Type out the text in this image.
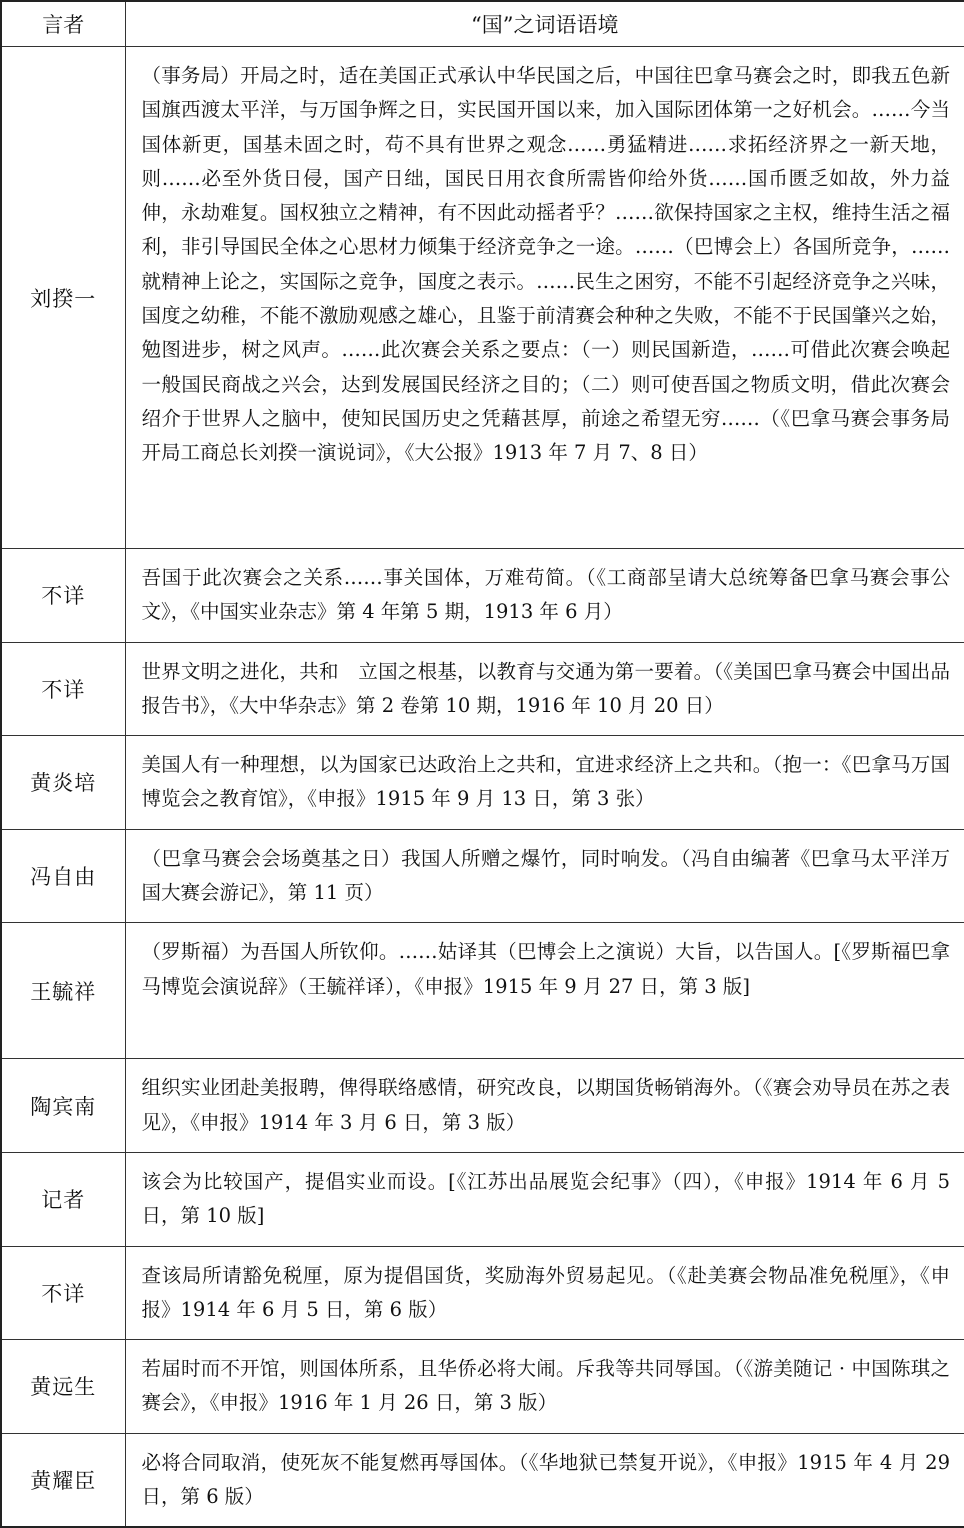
言者	“国”之词语语境
刘揆一	（事务局）开局之时，适在美国正式承认中华民国之后，中国往巴拿马赛会之时，即我五色新国旗西渡太平洋，与万国争辉之日，实民国开国以来，加入国际团体第一之好机会。……今当国体新更，国基未固之时，苟不具有世界之观念……勇猛精进……求拓经济界之一新天地，则……必至外货日侵，国产日绌，国民日用衣食所需皆仰给外货……国币匮乏如故，外力益伸，永劫难复。国权独立之精神，有不因此动摇者乎？……欲保持国家之主权，维持生活之福利，非引导国民全体之心思材力倾集于经济竞争之一途。……（巴博会上）各国所竞争，……就精神上论之，实国际之竞争，国度之表示。……民生之困穷，不能不引起经济竞争之兴味，国度之幼稚，不能不激励观感之雄心，且鉴于前清赛会种种之失败，不能不于民国肇兴之始，勉图进步，树之风声。……此次赛会关系之要点：（一）则民国新造，……可借此次赛会唤起一般国民商战之兴会，达到发展国民经济之目的；（二）则可使吾国之物质文明，借此次赛会绍介于世界人之脑中，使知民国历史之凭藉甚厚，前途之希望无穷……（《巴拿马赛会事务局开局工商总长刘揆一演说词》，《大公报》1913 年 7 月 7、8 日）
不详	吾国于此次赛会之关系……事关国体，万难苟简。（《工商部呈请大总统筹备巴拿马赛会事公文》，《中国实业杂志》第 4 年第 5 期，1913 年 6 月）
不详	世界文明之进化，共和　立国之根基，以教育与交通为第一要着。（《美国巴拿马赛会中国出品报告书》，《大中华杂志》第 2 卷第 10 期，1916 年 10 月 20 日）
黄炎培	美国人有一种理想，以为国家已达政治上之共和，宜进求经济上之共和。（抱一：《巴拿马万国博览会之教育馆》，《申报》1915 年 9 月 13 日，第 3 张）
冯自由	（巴拿马赛会会场奠基之日）我国人所赠之爆竹，同时响发。（冯自由编著《巴拿马太平洋万国大赛会游记》，第 11 页）
王毓祥	（罗斯福）为吾国人所钦仰。……姑译其（巴博会上之演说）大旨，以告国人。[《罗斯福巴拿马博览会演说辞》（王毓祥译），《申报》1915 年 9 月 27 日，第 3 版]
陶宾南	组织实业团赴美报聘，俾得联络感情，研究改良，以期国货畅销海外。（《赛会劝导员在苏之表见》，《申报》1914 年 3 月 6 日，第 3 版）
记者	该会为比较国产，提倡实业而设。[《江苏出品展览会纪事》（四），《申报》1914 年 6 月 5 日，第 10 版]
不详	查该局所请豁免税厘，原为提倡国货，奖励海外贸易起见。（《赴美赛会物品准免税厘》，《申报》1914 年 6 月 5 日，第 6 版）
黄远生	若届时而不开馆，则国体所系，且华侨必将大闹。斥我等共同辱国。（《游美随记 · 中国陈琪之赛会》，《申报》1916 年 1 月 26 日，第 3 版）
黄耀臣	必将合同取消，使死灰不能复燃再辱国体。（《华地狱已禁复开说》，《申报》1915 年 4 月 29 日，第 6 版）
